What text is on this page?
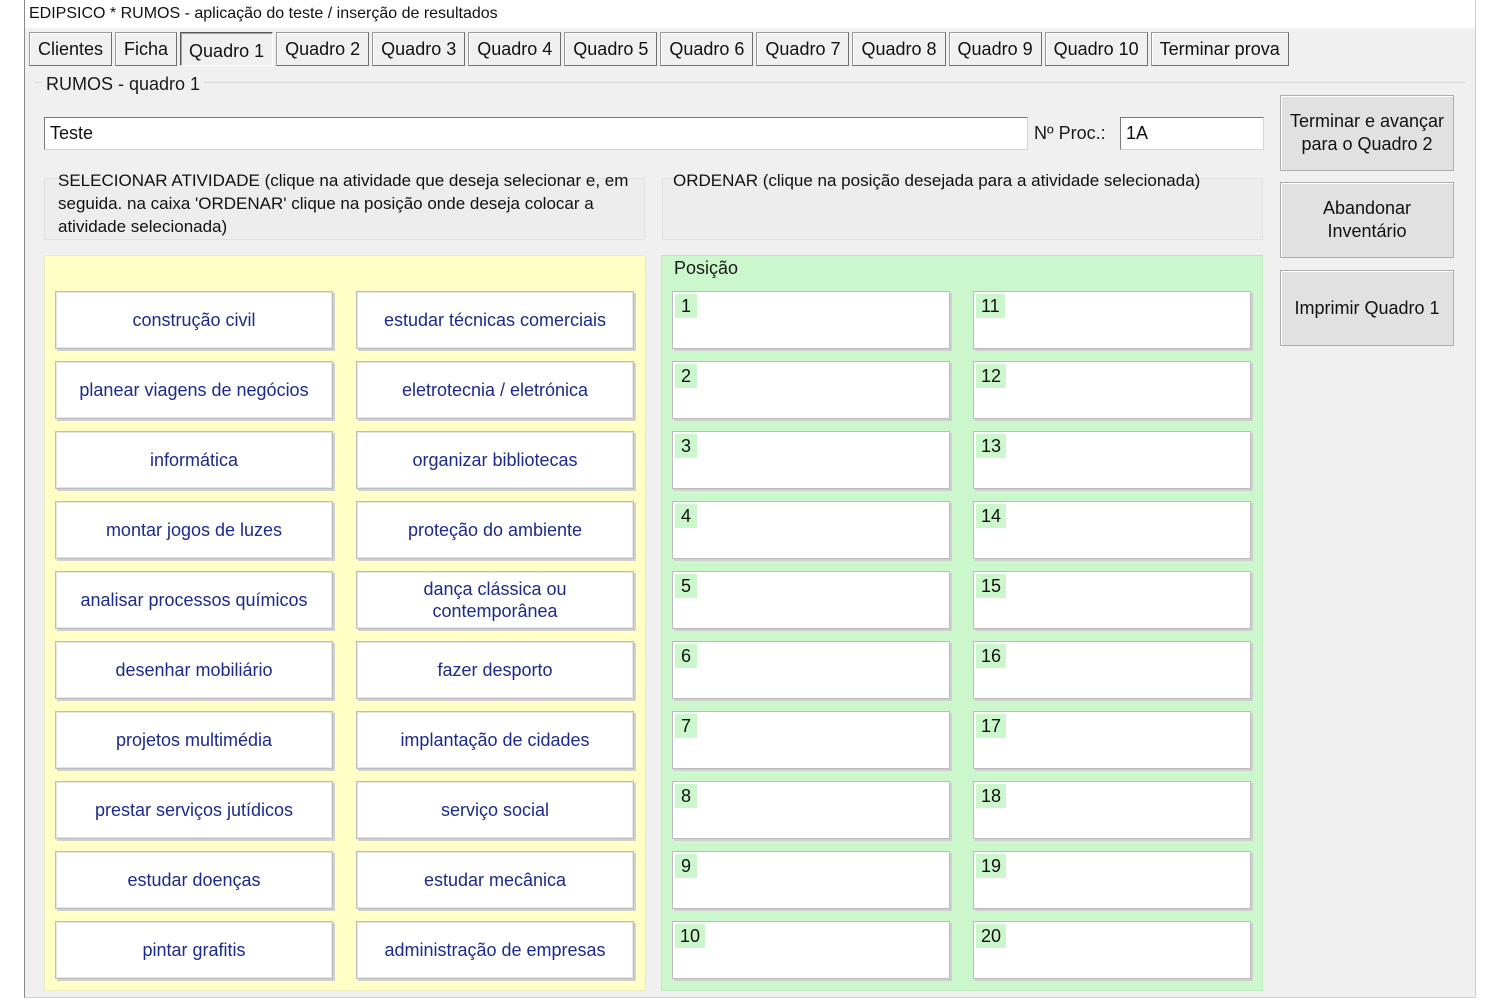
EDIPSICO * RUMOS - aplicação do teste / inserção de resultados
Clientes	Ficha	Quadro 1	Quadro 2	Quadro 3	Quadro 4	Quadro 5	Quadro 6	Quadro 7	Quadro 8	Quadro 9	Quadro 10	Terminar prova
RUMOS - quadro 1
Teste
Nº Proc.:
1A

SELECIONAR ATIVIDADE (clique na atividade que deseja selecionar e, em seguida. na caixa 'ORDENAR' clique na posição onde deseja colocar a atividade selecionada)

ORDENAR (clique na posição desejada para a atividade selecionada)

construção civil
planear viagens de negócios
informática
montar jogos de luzes
analisar processos químicos
desenhar mobiliário
projetos multimédia
prestar serviços jutídicos
estudar doenças
pintar grafitis
estudar técnicas comerciais
eletrotecnia / eletrónica
organizar bibliotecas
proteção do ambiente
dança clássica ou contemporânea
fazer desporto
implantação de cidades
serviço social
estudar mecânica
administração de empresas
Posição
1
2
3
4
5
6
7
8
9
10
11
12
13
14
15
16
17
18
19
20
Terminar e avançar para o Quadro 2
Abandonar Inventário
Imprimir Quadro 1
